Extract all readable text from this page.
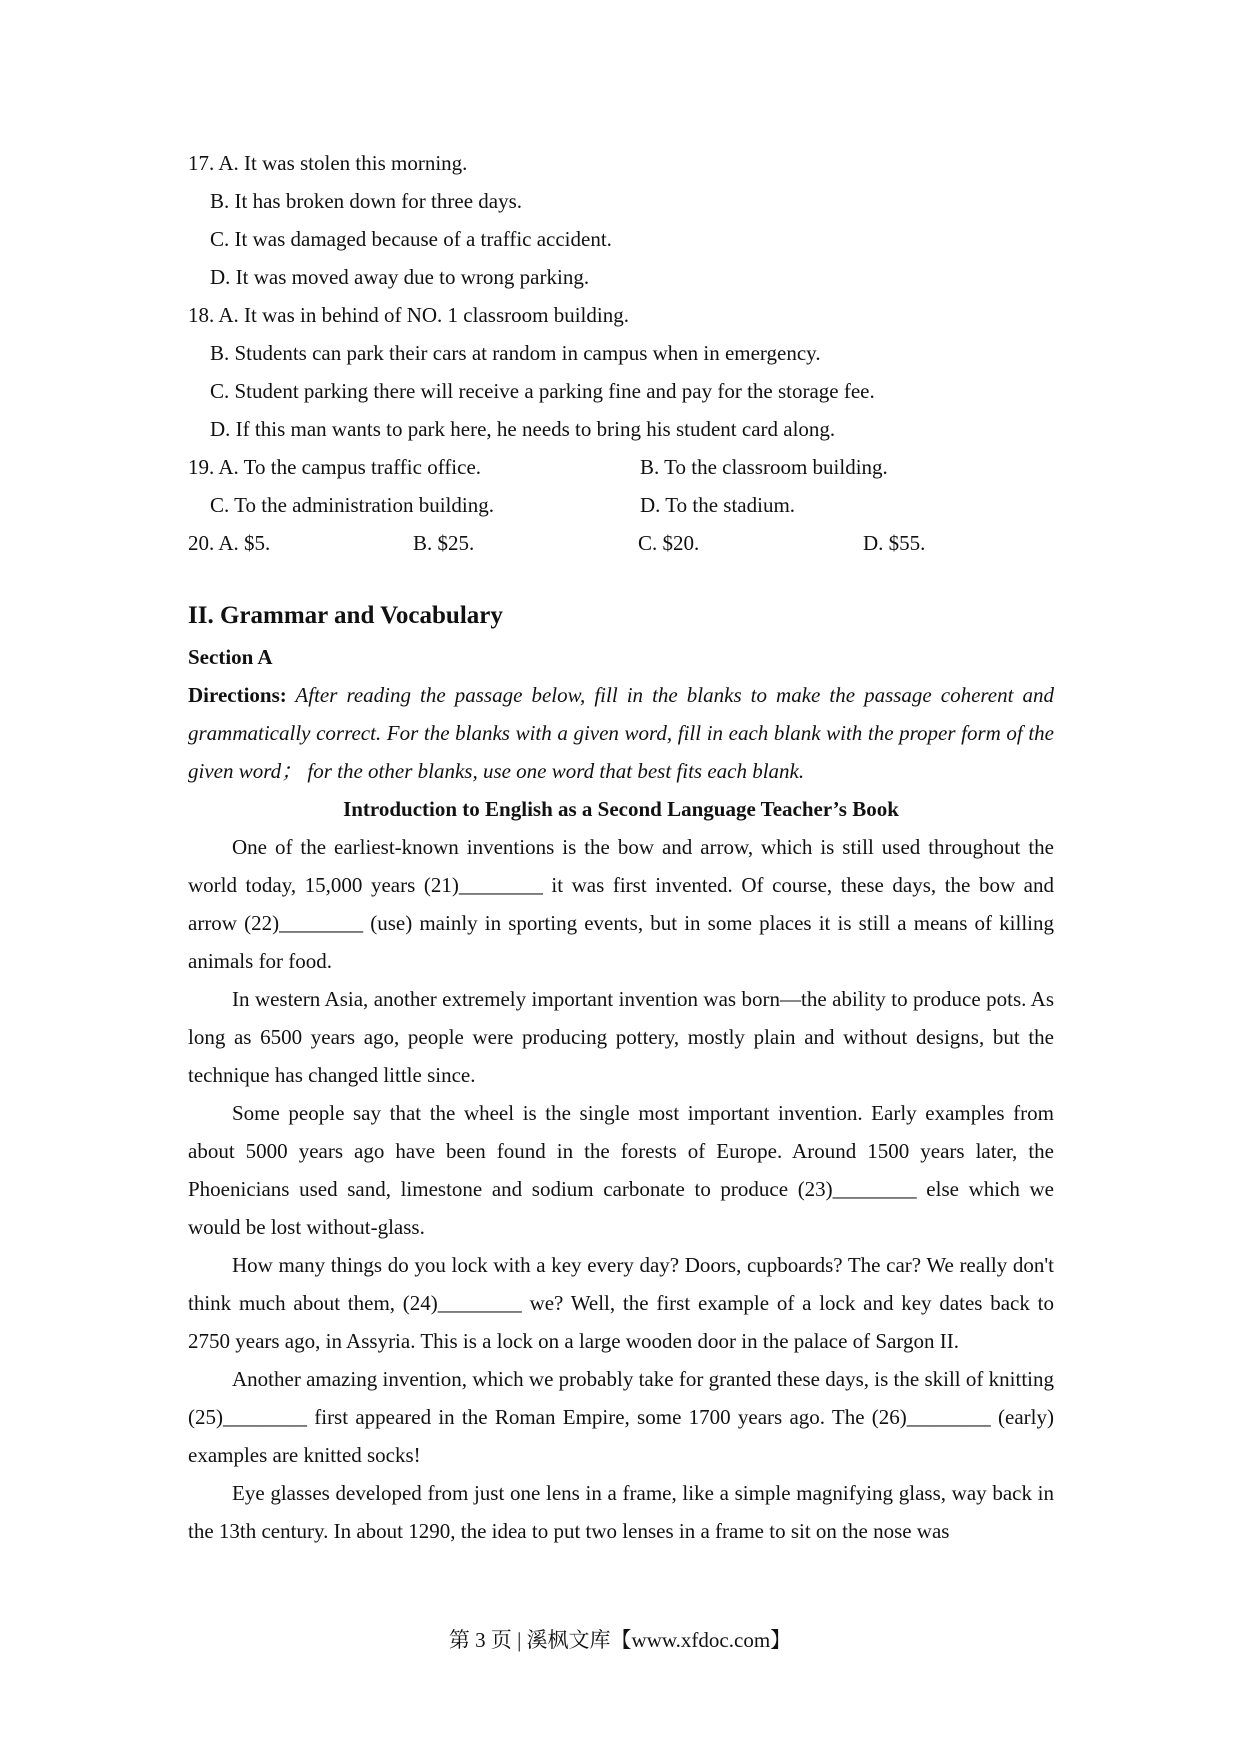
17. A. It was stolen this morning.
B. It has broken down for three days.
C. It was damaged because of a traffic accident.
D. It was moved away due to wrong parking.
18. A. It was in behind of NO. 1 classroom building.
B. Students can park their cars at random in campus when in emergency.
C. Student parking there will receive a parking fine and pay for the storage fee.
D. If this man wants to park here, he needs to bring his student card along.
19. A. To the campus traffic office.	B. To the classroom building.
C. To the administration building.	D. To the stadium.
20. A. $5.	B. $25.	C. $20.	D. $55.
II. Grammar and Vocabulary
Section A
Directions: After reading the passage below, fill in the blanks to make the passage coherent and grammatically correct. For the blanks with a given word, fill in each blank with the proper form of the given word； for the other blanks, use one word that best fits each blank.
Introduction to English as a Second Language Teacher’s Book
One of the earliest-known inventions is the bow and arrow, which is still used throughout the world today, 15,000 years (21)________ it was first invented. Of course, these days, the bow and arrow (22)________ (use) mainly in sporting events, but in some places it is still a means of killing animals for food.
In western Asia, another extremely important invention was born—the ability to produce pots. As long as 6500 years ago, people were producing pottery, mostly plain and without designs, but the technique has changed little since.
Some people say that the wheel is the single most important invention. Early examples from about 5000 years ago have been found in the forests of Europe. Around 1500 years later, the Phoenicians used sand, limestone and sodium carbonate to produce (23)________ else which we would be lost without-glass.
How many things do you lock with a key every day? Doors, cupboards? The car? We really don't think much about them, (24)________ we? Well, the first example of a lock and key dates back to 2750 years ago, in Assyria. This is a lock on a large wooden door in the palace of Sargon II.
Another amazing invention, which we probably take for granted these days, is the skill of knitting (25)________ first appeared in the Roman Empire, some 1700 years ago. The (26)________ (early) examples are knitted socks!
Eye glasses developed from just one lens in a frame, like a simple magnifying glass, way back in the 13th century. In about 1290, the idea to put two lenses in a frame to sit on the nose was
第 3 页 | 溪枫文库【www.xfdoc.com】
